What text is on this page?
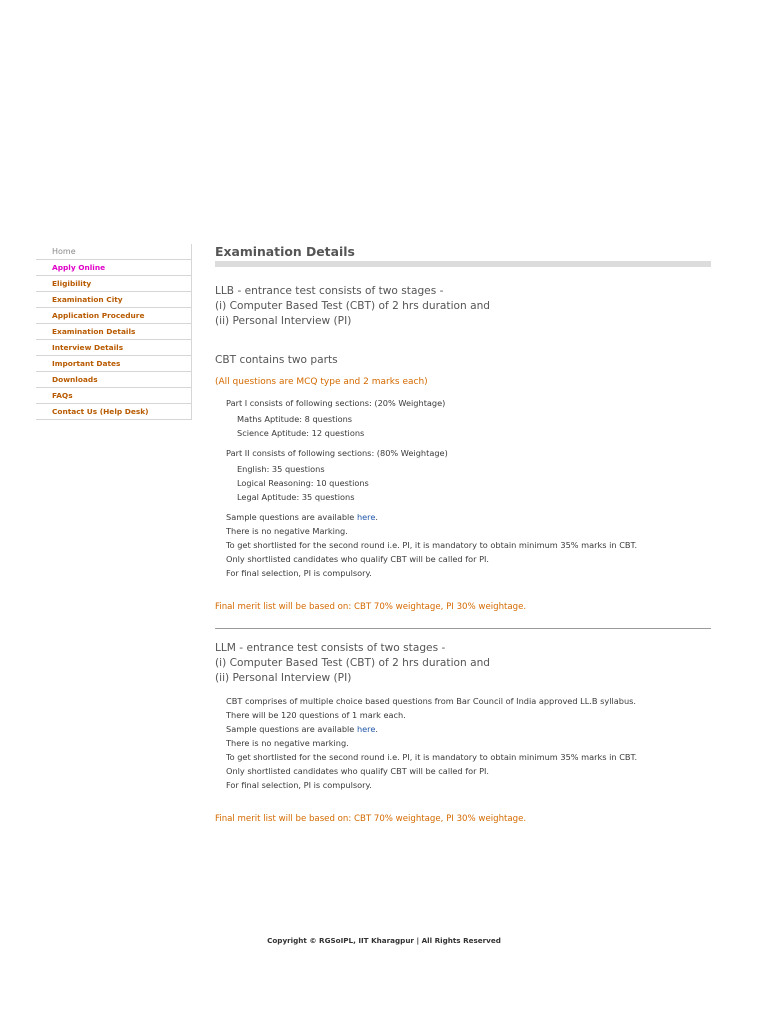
Home
Apply Online
Eligibility
Examination City
Application Procedure
Examination Details
Interview Details
Important Dates
Downloads
FAQs
Contact Us (Help Desk)
Examination Details
LLB - entrance test consists of two stages -
(i) Computer Based Test (CBT) of 2 hrs duration and
(ii) Personal Interview (PI)
CBT contains two parts
(All questions are MCQ type and 2 marks each)
Part I consists of following sections: (20% Weightage)
Maths Aptitude: 8 questions
Science Aptitude: 12 questions
Part II consists of following sections: (80% Weightage)
English: 35 questions
Logical Reasoning: 10 questions
Legal Aptitude: 35 questions
Sample questions are available here.
There is no negative Marking.
To get shortlisted for the second round i.e. PI, it is mandatory to obtain minimum 35% marks in CBT.
Only shortlisted candidates who qualify CBT will be called for PI.
For final selection, PI is compulsory.
Final merit list will be based on: CBT 70% weightage, PI 30% weightage.
LLM - entrance test consists of two stages -
(i) Computer Based Test (CBT) of 2 hrs duration and
(ii) Personal Interview (PI)
CBT comprises of multiple choice based questions from Bar Council of India approved LL.B syllabus.
There will be 120 questions of 1 mark each.
Sample questions are available here.
There is no negative marking.
To get shortlisted for the second round i.e. PI, it is mandatory to obtain minimum 35% marks in CBT.
Only shortlisted candidates who qualify CBT will be called for PI.
For final selection, PI is compulsory.
Final merit list will be based on: CBT 70% weightage, PI 30% weightage.
Copyright © RGSoIPL, IIT Kharagpur | All Rights Reserved
